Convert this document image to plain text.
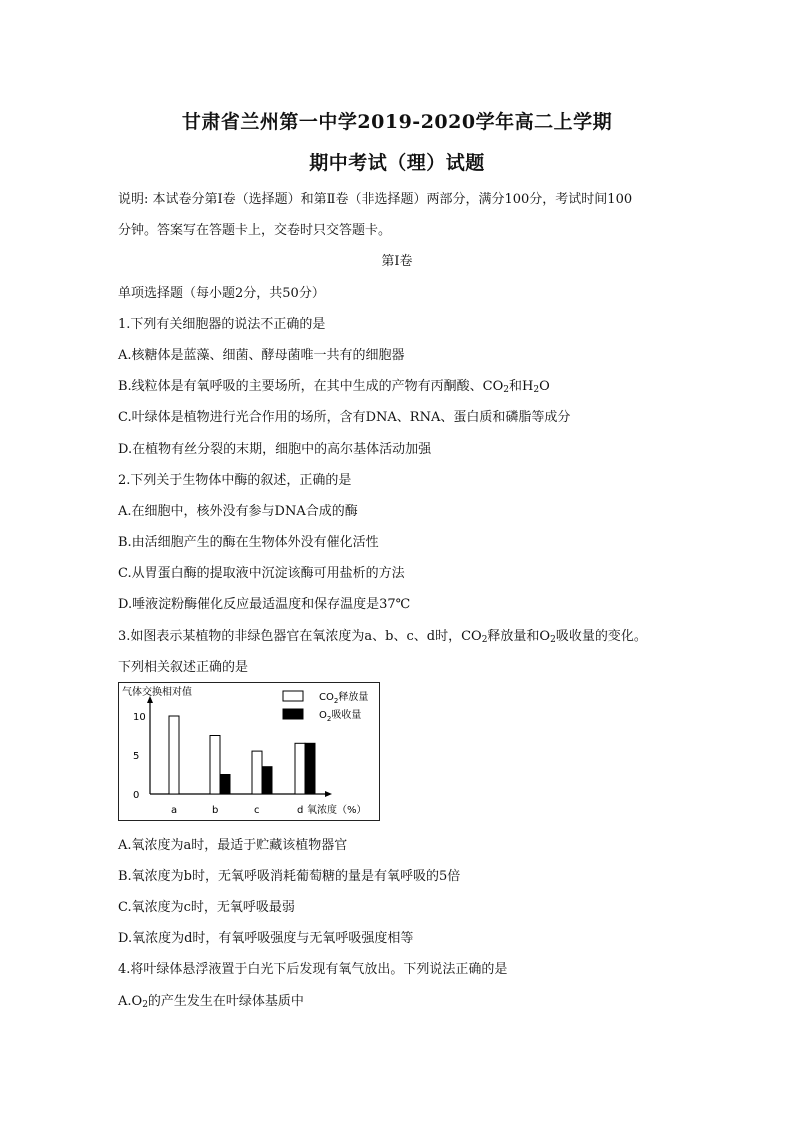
甘肃省兰州第一中学2019-2020学年高二上学期
期中考试（理）试题
说明: 本试卷分第Ⅰ卷（选择题）和第Ⅱ卷（非选择题）两部分，满分100分，考试时间100
分钟。答案写在答题卡上，交卷时只交答题卡。
第Ⅰ卷
单项选择题（每小题2分，共50分）
1.下列有关细胞器的说法不正确的是
A.核糖体是蓝藻、细菌、酵母菌唯一共有的细胞器
B.线粒体是有氧呼吸的主要场所，在其中生成的产物有丙酮酸、$CO_2$和$H_2O$
C.叶绿体是植物进行光合作用的场所，含有DNA、RNA、蛋白质和磷脂等成分
D.在植物有丝分裂的末期，细胞中的高尔基体活动加强
2.下列关于生物体中酶的叙述，正确的是
A.在细胞中，核外没有参与DNA合成的酶
B.由活细胞产生的酶在生物体外没有催化活性
C.从胃蛋白酶的提取液中沉淀该酶可用盐析的方法
D.唾液淀粉酶催化反应最适温度和保存温度是37℃
3.如图表示某植物的非绿色器官在氧浓度为a、b、c、d时，$CO_2$释放量和$O_2$吸收量的变化。
下列相关叙述正确的是
气体交换相对值
氧浓度（%）
10
5
0
a	b	c	d
$CO_2$释放量
$O_2$吸收量
A.氧浓度为a时，最适于贮藏该植物器官
B.氧浓度为b时，无氧呼吸消耗葡萄糖的量是有氧呼吸的5倍
C.氧浓度为c时，无氧呼吸最弱
D.氧浓度为d时，有氧呼吸强度与无氧呼吸强度相等
4.将叶绿体悬浮液置于白光下后发现有氧气放出。下列说法正确的是
$A.O_2$的产生发生在叶绿体基质中
